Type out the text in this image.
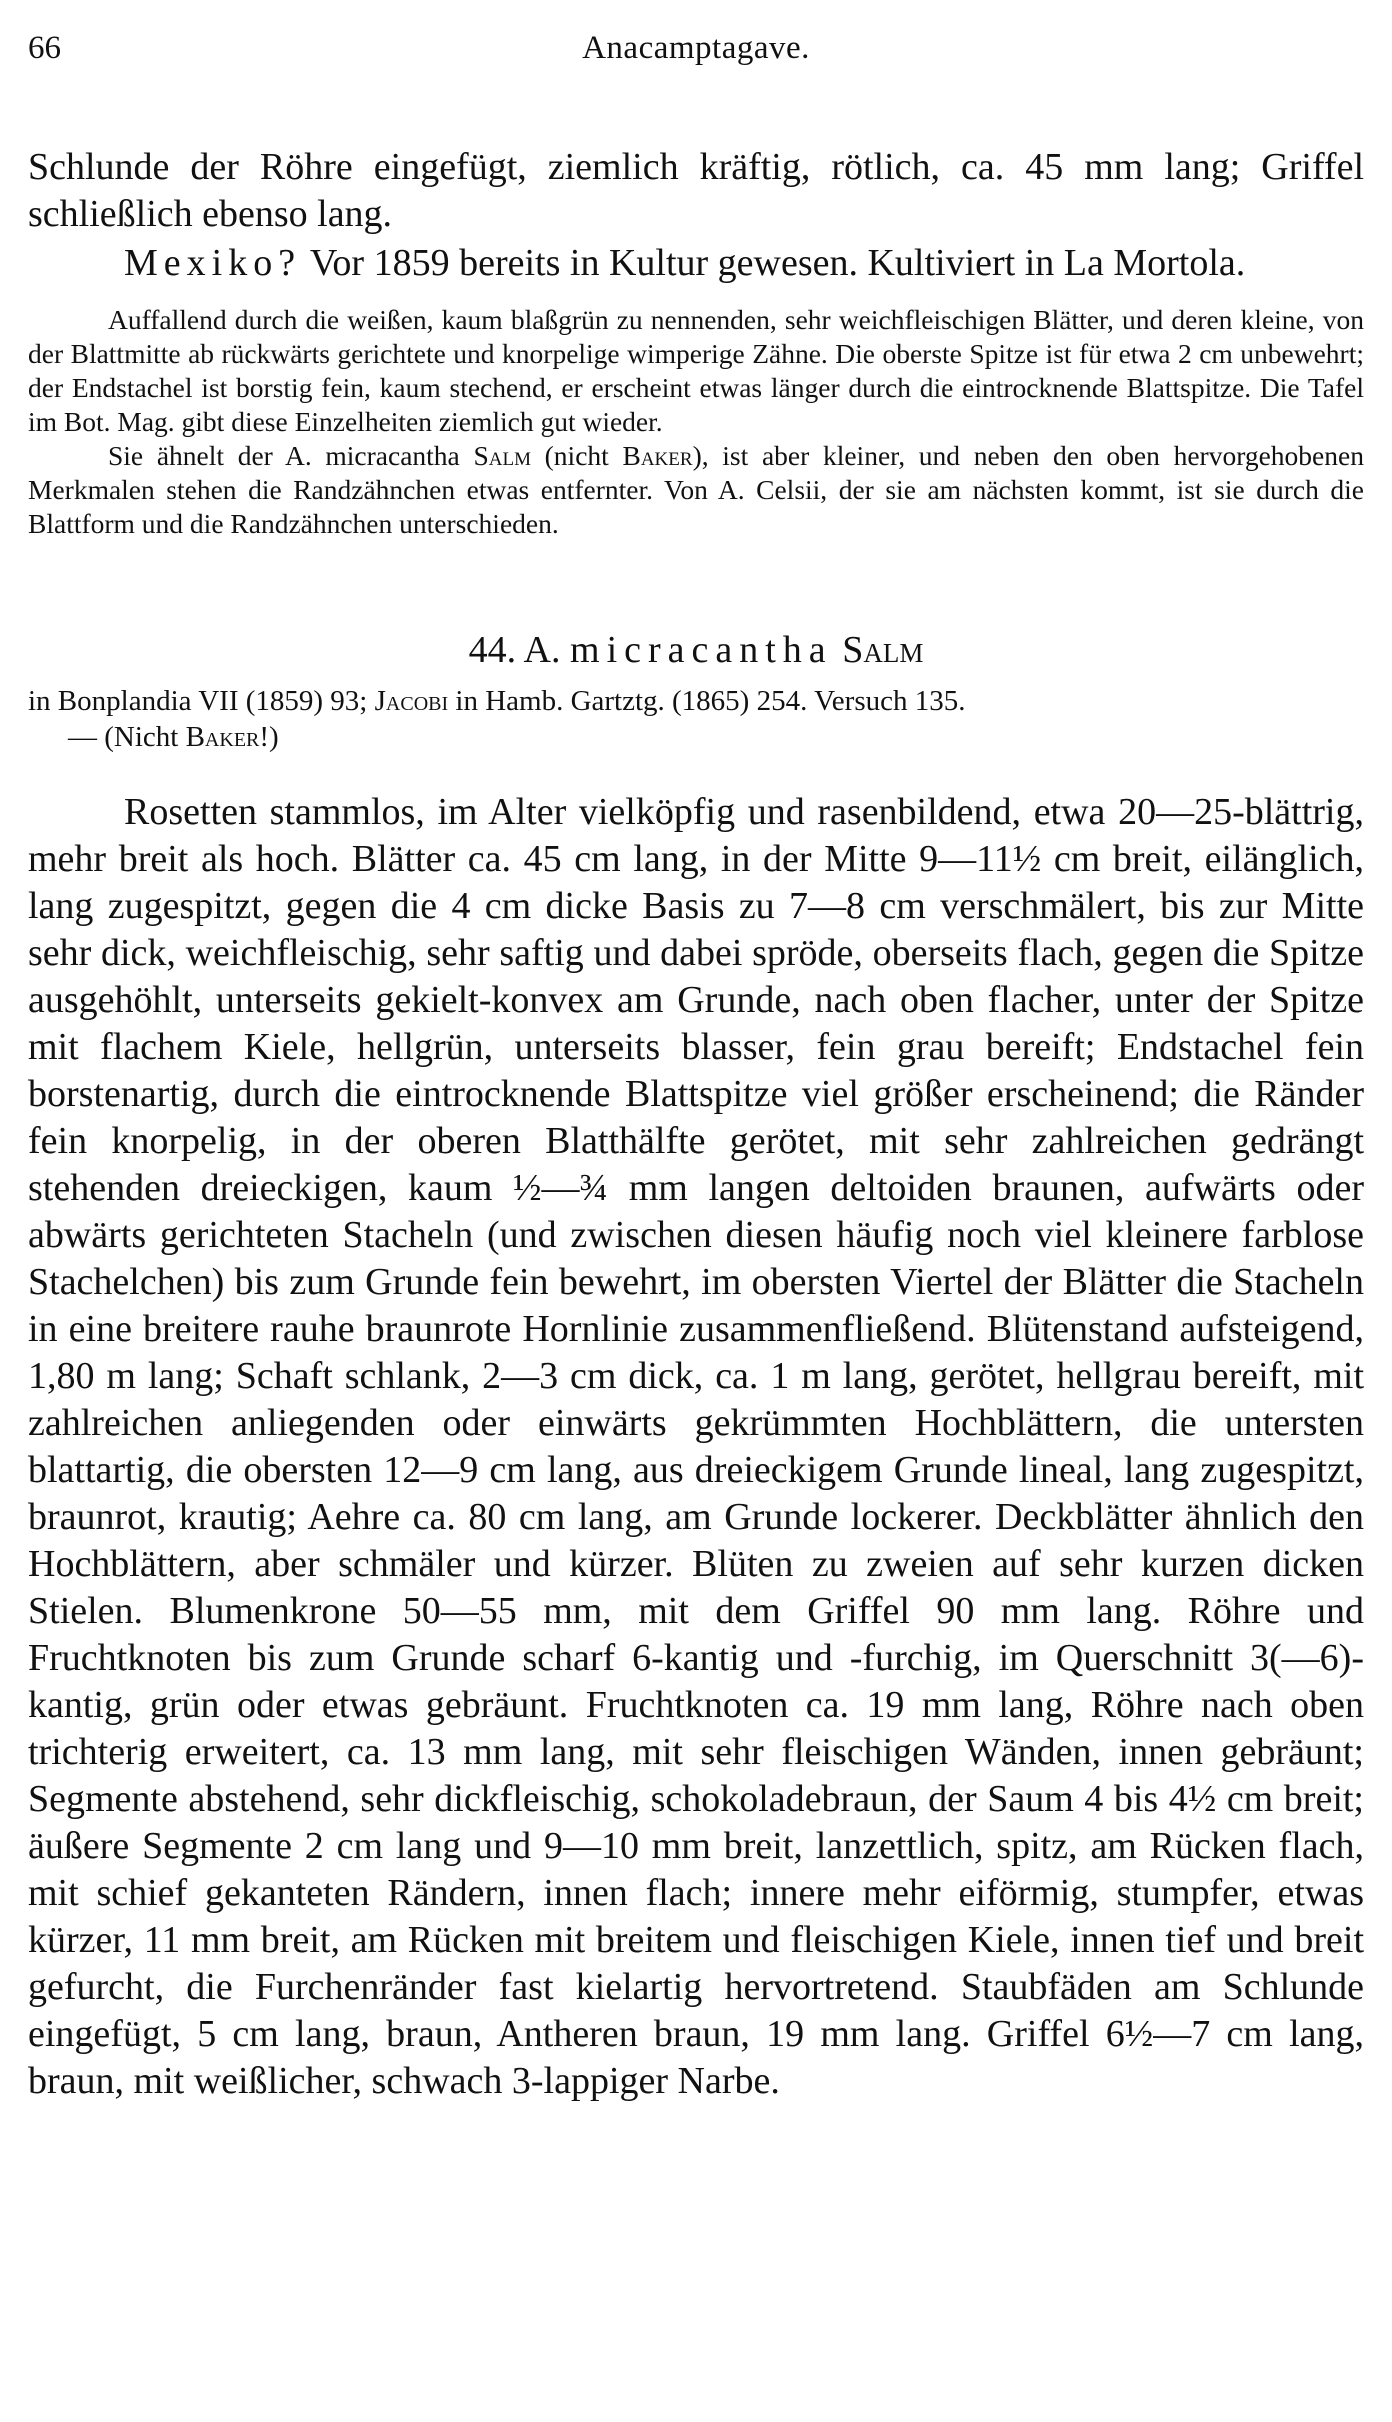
66	Anacamptagave.

Schlunde der Röhre eingefügt, ziemlich kräftig, rötlich, ca. 45 mm lang; Griffel schließlich ebenso lang.

Mexiko? Vor 1859 bereits in Kultur gewesen. Kultiviert in La Mortola.

Auffallend durch die weißen, kaum blaßgrün zu nennenden, sehr weichfleischigen Blätter, und deren kleine, von der Blattmitte ab rückwärts gerichtete und knorpelige wimperige Zähne. Die oberste Spitze ist für etwa 2 cm unbewehrt; der Endstachel ist borstig fein, kaum stechend, er erscheint etwas länger durch die eintrocknende Blattspitze. Die Tafel im Bot. Mag. gibt diese Einzelheiten ziemlich gut wieder.

Sie ähnelt der A. micracantha Salm (nicht Baker), ist aber kleiner, und neben den oben hervorgehobenen Merkmalen stehen die Randzähnchen etwas entfernter. Von A. Celsii, der sie am nächsten kommt, ist sie durch die Blattform und die Randzähnchen unterschieden.

44. A. micracantha Salm

in Bonplandia VII (1859) 93; Jacobi in Hamb. Gartztg. (1865) 254. Versuch 135.
— (Nicht Baker!)

Rosetten stammlos, im Alter vielköpfig und rasenbildend, etwa 20—25-blättrig, mehr breit als hoch. Blätter ca. 45 cm lang, in der Mitte 9—11½ cm breit, eilänglich, lang zugespitzt, gegen die 4 cm dicke Basis zu 7—8 cm verschmälert, bis zur Mitte sehr dick, weichfleischig, sehr saftig und dabei spröde, oberseits flach, gegen die Spitze ausgehöhlt, unterseits gekielt-konvex am Grunde, nach oben flacher, unter der Spitze mit flachem Kiele, hellgrün, unterseits blasser, fein grau bereift; Endstachel fein borstenartig, durch die eintrocknende Blattspitze viel größer erscheinend; die Ränder fein knorpelig, in der oberen Blatthälfte gerötet, mit sehr zahlreichen gedrängt stehenden dreieckigen, kaum ½—¾ mm langen deltoiden braunen, aufwärts oder abwärts gerichteten Stacheln (und zwischen diesen häufig noch viel kleinere farblose Stachelchen) bis zum Grunde fein bewehrt, im obersten Viertel der Blätter die Stacheln in eine breitere rauhe braunrote Hornlinie zusammenfließend. Blütenstand aufsteigend, 1,80 m lang; Schaft schlank, 2—3 cm dick, ca. 1 m lang, gerötet, hellgrau bereift, mit zahlreichen anliegenden oder einwärts gekrümmten Hochblättern, die untersten blattartig, die obersten 12—9 cm lang, aus dreieckigem Grunde lineal, lang zugespitzt, braunrot, krautig; Aehre ca. 80 cm lang, am Grunde lockerer. Deckblätter ähnlich den Hochblättern, aber schmäler und kürzer. Blüten zu zweien auf sehr kurzen dicken Stielen. Blumenkrone 50—55 mm, mit dem Griffel 90 mm lang. Röhre und Fruchtknoten bis zum Grunde scharf 6-kantig und -furchig, im Querschnitt 3(—6)-kantig, grün oder etwas gebräunt. Fruchtknoten ca. 19 mm lang, Röhre nach oben trichterig erweitert, ca. 13 mm lang, mit sehr fleischigen Wänden, innen gebräunt; Segmente abstehend, sehr dickfleischig, schokoladebraun, der Saum 4 bis 4½ cm breit; äußere Segmente 2 cm lang und 9—10 mm breit, lanzettlich, spitz, am Rücken flach, mit schief gekanteten Rändern, innen flach; innere mehr eiförmig, stumpfer, etwas kürzer, 11 mm breit, am Rücken mit breitem und fleischigen Kiele, innen tief und breit gefurcht, die Furchenränder fast kielartig hervortretend. Staubfäden am Schlunde eingefügt, 5 cm lang, braun, Antheren braun, 19 mm lang. Griffel 6½—7 cm lang, braun, mit weißlicher, schwach 3-lappiger Narbe.
